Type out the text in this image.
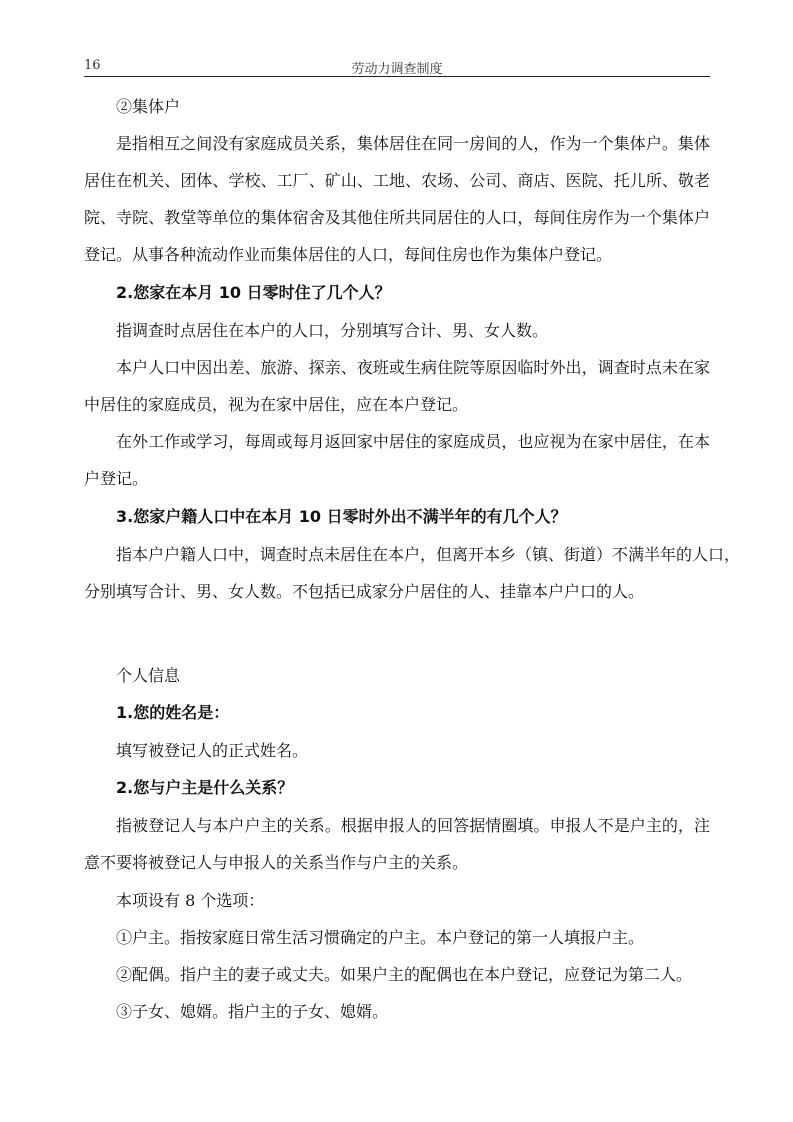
16	劳动力调查制度
②集体户
是指相互之间没有家庭成员关系，集体居住在同一房间的人，作为一个集体户。集体
居住在机关、团体、学校、工厂、矿山、工地、农场、公司、商店、医院、托儿所、敬老
院、寺院、教堂等单位的集体宿舍及其他住所共同居住的人口，每间住房作为一个集体户
登记。从事各种流动作业而集体居住的人口，每间住房也作为集体户登记。
2.您家在本月 10 日零时住了几个人？
指调查时点居住在本户的人口，分别填写合计、男、女人数。
本户人口中因出差、旅游、探亲、夜班或生病住院等原因临时外出，调查时点未在家
中居住的家庭成员，视为在家中居住，应在本户登记。
在外工作或学习，每周或每月返回家中居住的家庭成员，也应视为在家中居住，在本
户登记。
3.您家户籍人口中在本月 10 日零时外出不满半年的有几个人？
指本户户籍人口中，调查时点未居住在本户，但离开本乡（镇、街道）不满半年的人口，
分别填写合计、男、女人数。不包括已成家分户居住的人、挂靠本户户口的人。
个人信息
1.您的姓名是：
填写被登记人的正式姓名。
2.您与户主是什么关系？
指被登记人与本户户主的关系。根据申报人的回答据情圈填。申报人不是户主的，注
意不要将被登记人与申报人的关系当作与户主的关系。
本项设有 8 个选项：
①户主。指按家庭日常生活习惯确定的户主。本户登记的第一人填报户主。
②配偶。指户主的妻子或丈夫。如果户主的配偶也在本户登记，应登记为第二人。
③子女、媳婿。指户主的子女、媳婿。
